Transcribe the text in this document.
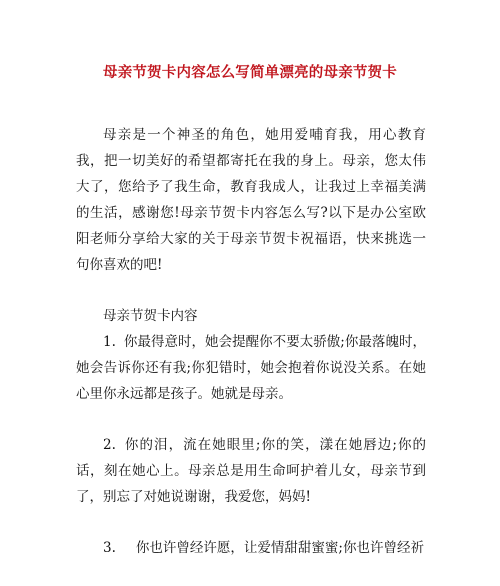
母亲节贺卡内容怎么写简单漂亮的母亲节贺卡

母亲是一个神圣的角色，她用爱哺育我，用心教育我，把一切美好的希望都寄托在我的身上。母亲，您太伟大了，您给予了我生命，教育我成人，让我过上幸福美满的生活，感谢您!母亲节贺卡内容怎么写?以下是办公室欧阳老师分享给大家的关于母亲节贺卡祝福语，快来挑选一句你喜欢的吧!

母亲节贺卡内容

1. 你最得意时，她会提醒你不要太骄傲;你最落魄时，她会告诉你还有我;你犯错时，她会抱着你说没关系。在她心里你永远都是孩子。她就是母亲。

2. 你的泪，流在她眼里;你的笑，漾在她唇边;你的话，刻在她心上。母亲总是用生命呵护着儿女，母亲节到了，别忘了对她说谢谢，我爱您，妈妈!

3. 你也许曾经许愿，让爱情甜甜蜜蜜;你也许曾经祈
